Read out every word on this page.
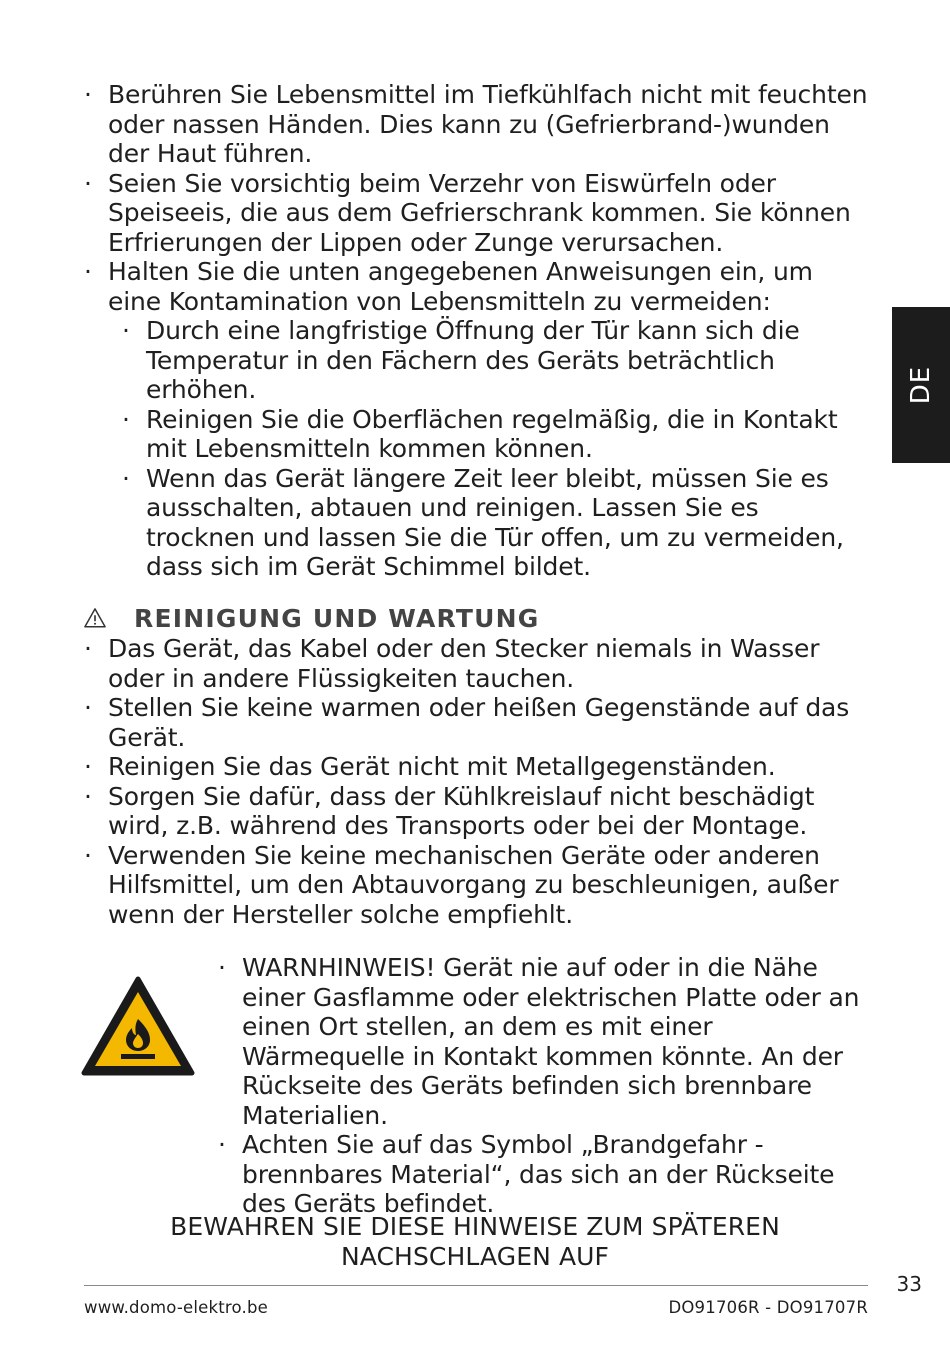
DE
· Berühren Sie Lebensmittel im Tiefkühlfach nicht mit feuchten oder nassen Händen. Dies kann zu (Gefrierbrand-)wunden der Haut führen.
· Seien Sie vorsichtig beim Verzehr von Eiswürfeln oder Speiseeis, die aus dem Gefrierschrank kommen. Sie können Erfrierungen der Lippen oder Zunge verursachen.
· Halten Sie die unten angegebenen Anweisungen ein, um eine Kontamination von Lebensmitteln zu vermeiden:
· Durch eine langfristige Öffnung der Tür kann sich die Temperatur in den Fächern des Geräts beträchtlich erhöhen.
· Reinigen Sie die Oberflächen regelmäßig, die in Kontakt mit Lebensmitteln kommen können.
· Wenn das Gerät längere Zeit leer bleibt, müssen Sie es ausschalten, abtauen und reinigen. Lassen Sie es trocknen und lassen Sie die Tür offen, um zu vermeiden, dass sich im Gerät Schimmel bildet.
REINIGUNG UND WARTUNG
· Das Gerät, das Kabel oder den Stecker niemals in Wasser oder in andere Flüssigkeiten tauchen.
· Stellen Sie keine warmen oder heißen Gegenstände auf das Gerät.
· Reinigen Sie das Gerät nicht mit Metallgegenständen.
· Sorgen Sie dafür, dass der Kühlkreislauf nicht beschädigt wird, z.B. während des Transports oder bei der Montage.
· Verwenden Sie keine mechanischen Geräte oder anderen Hilfsmittel, um den Abtauvorgang zu beschleunigen, außer wenn der Hersteller solche empfiehlt.
· WARNHINWEIS! Gerät nie auf oder in die Nähe einer Gasflamme oder elektrischen Platte oder an einen Ort stellen, an dem es mit einer Wärmequelle in Kontakt kommen könnte. An der Rückseite des Geräts befinden sich brennbare Materialien.
· Achten Sie auf das Symbol „Brandgefahr - brennbares Material“, das sich an der Rückseite des Geräts befindet.
BEWAHREN SIE DIESE HINWEISE ZUM SPÄTEREN
NACHSCHLAGEN AUF
33
www.domo-elektro.be	DO91706R - DO91707R
